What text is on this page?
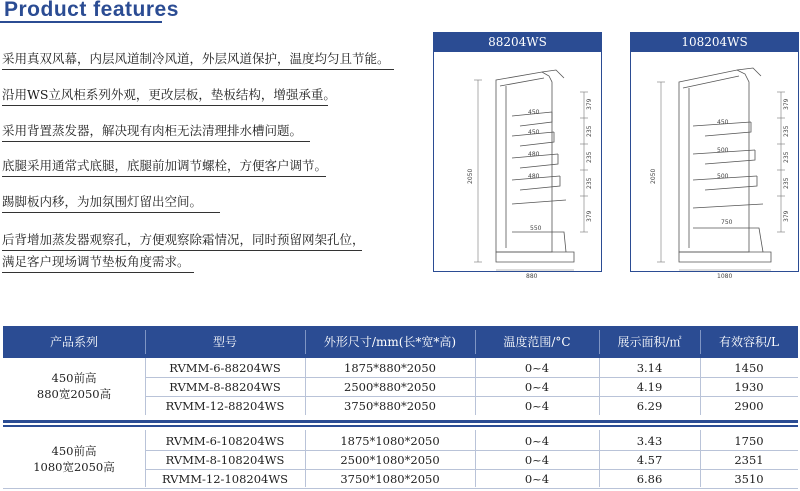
Product features
采用真双风幕，内层风道制冷风道，外层风道保护，温度均匀且节能。
沿用WS立风柜系列外观，更改层板，垫板结构，增强承重。
采用背置蒸发器，解决现有肉柜无法清理排水槽问题。
底腿采用通常式底腿，底腿前加调节螺栓，方便客户调节。
踢脚板内移，为加氛围灯留出空间。
后背增加蒸发器观察孔，方便观察除霜情况，同时预留网架孔位，
满足客户现场调节垫板角度需求。
88204WS
2050
880
450
450
480
480
550
379
235
235
235
379
108204WS
2050
1080
450
500
500
750
379
235
235
235
379
产品系列	型号	外形尺寸/mm(长*宽*高)	温度范围/°C	展示面积/㎡	有效容积/L
450前高
880宽2050高
RVMM-6-88204WS	1875*880*2050	0~4	3.14	1450
RVMM-8-88204WS	2500*880*2050	0~4	4.19	1930
RVMM-12-88204WS	3750*880*2050	0~4	6.29	2900
450前高
1080宽2050高
RVMM-6-108204WS	1875*1080*2050	0~4	3.43	1750
RVMM-8-108204WS	2500*1080*2050	0~4	4.57	2351
RVMM-12-108204WS	3750*1080*2050	0~4	6.86	3510
